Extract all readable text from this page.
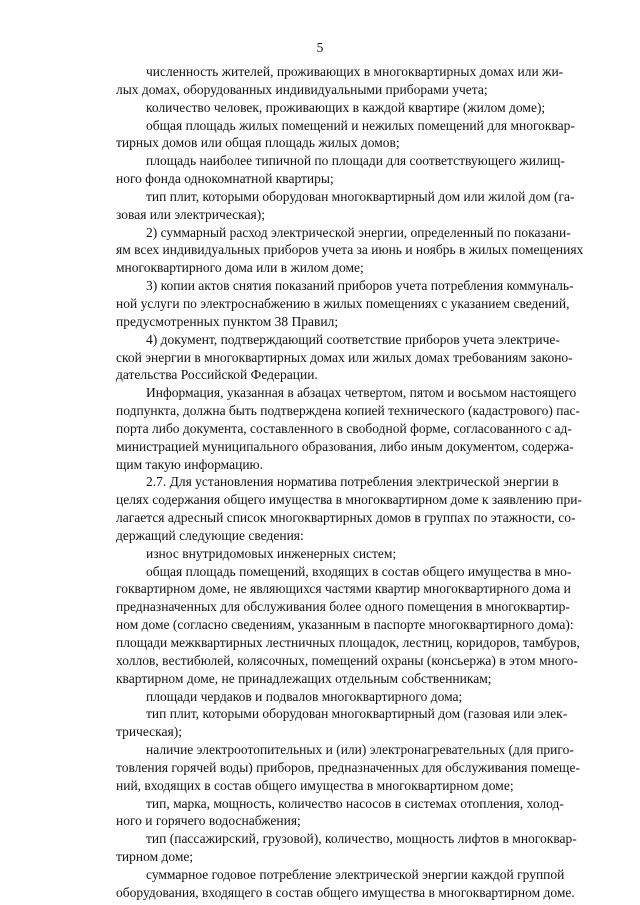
5
численность жителей, проживающих в многоквартирных домах или жи-
лых домах, оборудованных индивидуальными приборами учета;
количество человек, проживающих в каждой квартире (жилом доме);
общая площадь жилых помещений и нежилых помещений для многоквар-
тирных домов или общая площадь жилых домов;
площадь наиболее типичной по площади для соответствующего жилищ-
ного фонда однокомнатной квартиры;
тип плит, которыми оборудован многоквартирный дом или жилой дом (га-
зовая или электрическая);
2) суммарный расход электрической энергии, определенный по показани-
ям всех индивидуальных приборов учета за июнь и ноябрь в жилых помещениях
многоквартирного дома или в жилом доме;
3) копии актов снятия показаний приборов учета потребления коммуналь-
ной услуги по электроснабжению в жилых помещениях с указанием сведений,
предусмотренных пунктом 38 Правил;
4) документ, подтверждающий соответствие приборов учета электриче-
ской энергии в многоквартирных домах или жилых домах требованиям законо-
дательства Российской Федерации.
Информация, указанная в абзацах четвертом, пятом и восьмом настоящего
подпункта, должна быть подтверждена копией технического (кадастрового) пас-
порта либо документа, составленного в свободной форме, согласованного с ад-
министрацией муниципального образования, либо иным документом, содержа-
щим такую информацию.
2.7. Для установления норматива потребления электрической энергии в
целях содержания общего имущества в многоквартирном доме к заявлению при-
лагается адресный список многоквартирных домов в группах по этажности, со-
держащий следующие сведения:
износ внутридомовых инженерных систем;
общая площадь помещений, входящих в состав общего имущества в мно-
гоквартирном доме, не являющихся частями квартир многоквартирного дома и
предназначенных для обслуживания более одного помещения в многоквартир-
ном доме (согласно сведениям, указанным в паспорте многоквартирного дома):
площади межквартирных лестничных площадок, лестниц, коридоров, тамбуров,
холлов, вестибюлей, колясочных, помещений охраны (консьержа) в этом много-
квартирном доме, не принадлежащих отдельным собственникам;
площади чердаков и подвалов многоквартирного дома;
тип плит, которыми оборудован многоквартирный дом (газовая или элек-
трическая);
наличие электроотопительных и (или) электронагревательных (для приго-
товления горячей воды) приборов, предназначенных для обслуживания помеще-
ний, входящих в состав общего имущества в многоквартирном доме;
тип, марка, мощность, количество насосов в системах отопления, холод-
ного и горячего водоснабжения;
тип (пассажирский, грузовой), количество, мощность лифтов в многоквар-
тирном доме;
суммарное годовое потребление электрической энергии каждой группой
оборудования, входящего в состав общего имущества в многоквартирном доме.
